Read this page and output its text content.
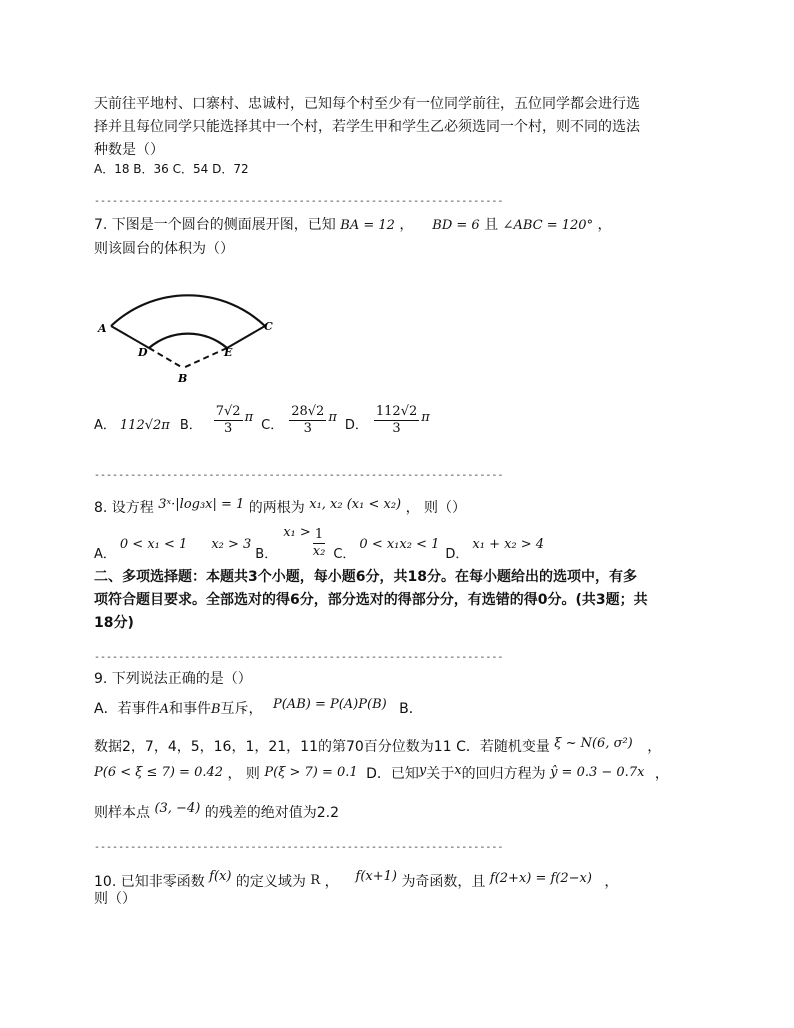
天前往平地村、口寨村、忠诚村，已知每个村至少有一位同学前往，五位同学都会进行选
择并且每位同学只能选择其中一个村，若学生甲和学生乙必须选同一个村，则不同的选法
种数是（）
A．18 B．36 C．54 D．72
--------------------------------------------------------------------
7. 下图是一个圆台的侧面展开图，已知 BA = 12 ， BD = 6 且 ∠ABC = 120° ，
则该圆台的体积为（）
A	C
D	E
B
A． 112√2π B． $\frac{7√2}{3}$ π
C． $\frac{28√2}{3}$ π
D． $\frac{112√2}{3}$ π
--------------------------------------------------------------------
8. 设方程 3ˣ·|log₃x| = 1 的两根为 x₁, x₂ (x₁ < x₂) ， 则（）
A．
0 < x₁ < 1 x₂ > 3
B．
$x_1 > \frac{1}{\text{x₂}}$ C．
0 < x₁x₂ < 1
D．
x₁ + x₂ > 4
二、多项选择题：本题共3个小题，每小题6分，共18分。在每小题给出的选项中，有多
项符合题目要求。全部选对的得6分，部分选对的得部分分，有选错的得0分。(共3题；共
18分)
--------------------------------------------------------------------
9. 下列说法正确的是（）
A．若事件A和事件B互斥， P(AB) = P(A)P(B) B．
数据2，7，4，5，16，1，21，11的第70百分位数为11 C．若随机变量 ξ ~ N(6, σ²) ，
P(6 < ξ ≤ 7) = 0.42 ， 则 P(ξ > 7) = 0.1 D．已知y关于x的回归方程为 ŷ = 0.3 − 0.7x ，
则样本点 (3, −4) 的残差的绝对值为2.2
--------------------------------------------------------------------
10. 已知非零函数 f(x) 的定义域为 R ， f(x+1) 为奇函数，且 f(2+x) = f(2−x) ，
则（）
